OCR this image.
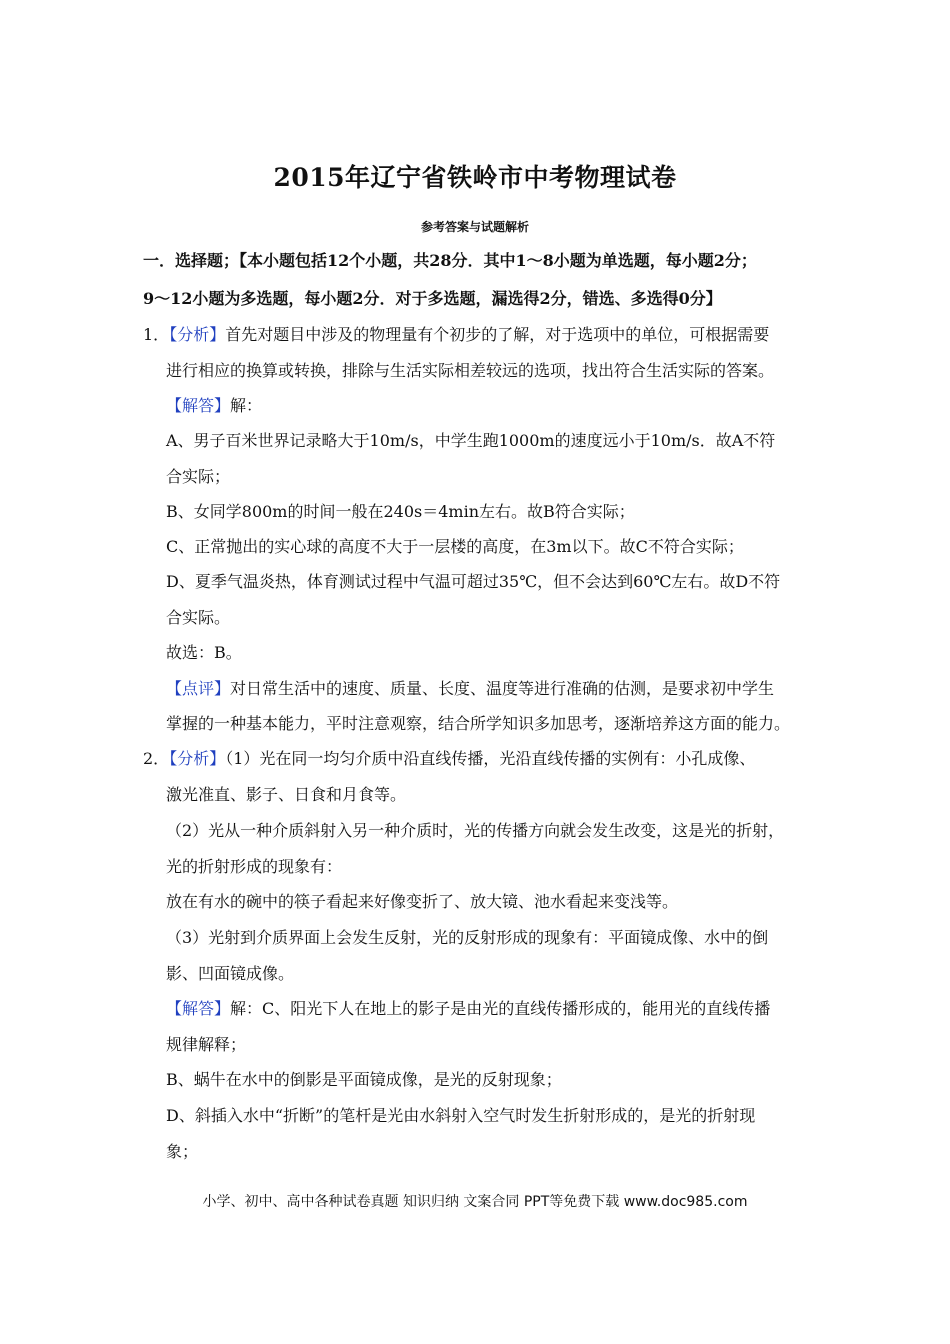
2015年辽宁省铁岭市中考物理试卷
参考答案与试题解析
一．选择题；【本小题包括12个小题，共28分．其中1～8小题为单选题，每小题2分；
9～12小题为多选题，每小题2分．对于多选题，漏选得2分，错选、多选得0分】
1．【分析】首先对题目中涉及的物理量有个初步的了解，对于选项中的单位，可根据需要
进行相应的换算或转换，排除与生活实际相差较远的选项，找出符合生活实际的答案。
【解答】解：
A、男子百米世界记录略大于10m/s，中学生跑1000m的速度远小于10m/s．故A不符
合实际；
B、女同学800m的时间一般在240s＝4min左右。故B符合实际；
C、正常抛出的实心球的高度不大于一层楼的高度，在3m以下。故C不符合实际；
D、夏季气温炎热，体育测试过程中气温可超过35℃，但不会达到60℃左右。故D不符
合实际。
故选：B。
【点评】对日常生活中的速度、质量、长度、温度等进行准确的估测，是要求初中学生
掌握的一种基本能力，平时注意观察，结合所学知识多加思考，逐渐培养这方面的能力。
2．【分析】（1）光在同一均匀介质中沿直线传播，光沿直线传播的实例有：小孔成像、
激光准直、影子、日食和月食等。
（2）光从一种介质斜射入另一种介质时，光的传播方向就会发生改变，这是光的折射，
光的折射形成的现象有：
放在有水的碗中的筷子看起来好像变折了、放大镜、池水看起来变浅等。
（3）光射到介质界面上会发生反射，光的反射形成的现象有：平面镜成像、水中的倒
影、凹面镜成像。
【解答】解：C、阳光下人在地上的影子是由光的直线传播形成的，能用光的直线传播
规律解释；
B、蜗牛在水中的倒影是平面镜成像，是光的反射现象；
D、斜插入水中“折断”的笔杆是光由水斜射入空气时发生折射形成的，是光的折射现
象；
小学、初中、高中各种试卷真题 知识归纳 文案合同 PPT等免费下载 www.doc985.com
